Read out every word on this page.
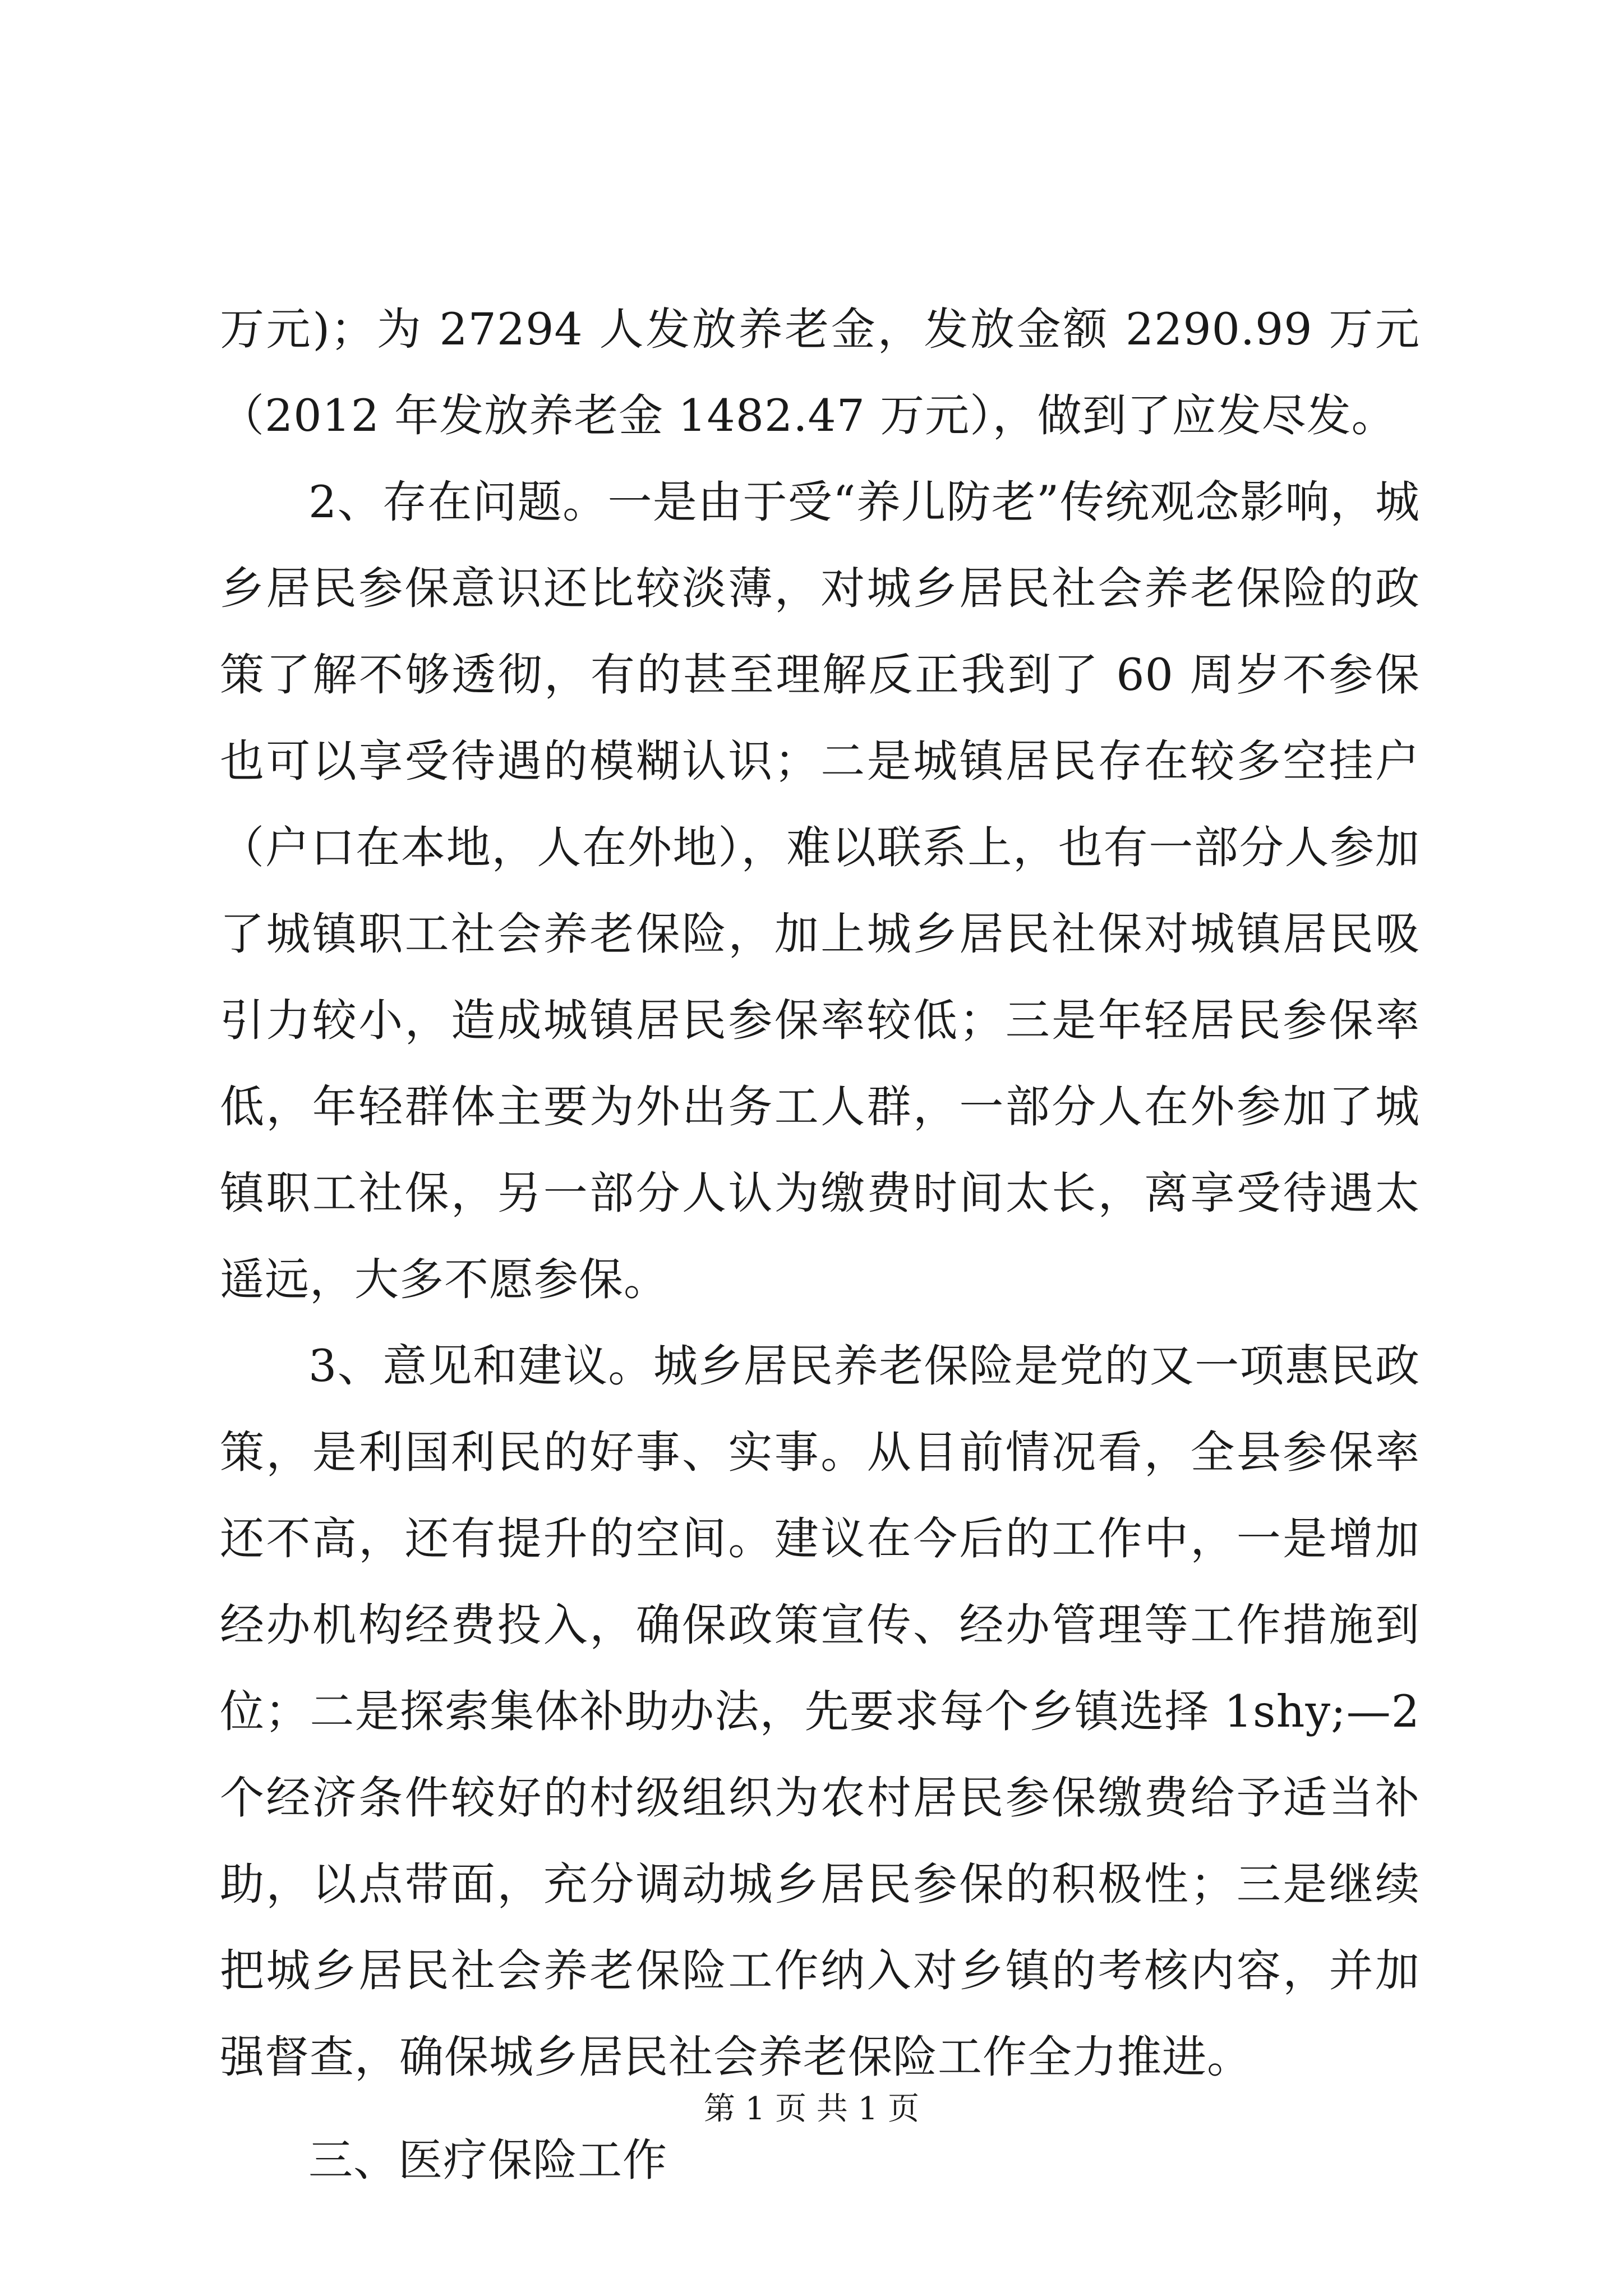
万元)；为 27294 人发放养老金，发放金额 2290.99 万元（2012 年发放养老金 1482.47 万元），做到了应发尽发。

2、存在问题。一是由于受“养儿防老”传统观念影响，城乡居民参保意识还比较淡薄，对城乡居民社会养老保险的政策了解不够透彻，有的甚至理解反正我到了 60 周岁不参保也可以享受待遇的模糊认识；二是城镇居民存在较多空挂户（户口在本地，人在外地），难以联系上，也有一部分人参加了城镇职工社会养老保险，加上城乡居民社保对城镇居民吸引力较小，造成城镇居民参保率较低；三是年轻居民参保率低，年轻群体主要为外出务工人群，一部分人在外参加了城镇职工社保，另一部分人认为缴费时间太长，离享受待遇太遥远，大多不愿参保。

3、意见和建议。城乡居民养老保险是党的又一项惠民政策，是利国利民的好事、实事。从目前情况看，全县参保率还不高，还有提升的空间。建议在今后的工作中，一是增加经办机构经费投入，确保政策宣传、经办管理等工作措施到位；二是探索集体补助办法，先要求每个乡镇选择 1shy;—2 个经济条件较好的村级组织为农村居民参保缴费给予适当补助，以点带面，充分调动城乡居民参保的积极性；三是继续把城乡居民社会养老保险工作纳入对乡镇的考核内容，并加强督查，确保城乡居民社会养老保险工作全力推进。

三、医疗保险工作

第 1 页 共 1 页
